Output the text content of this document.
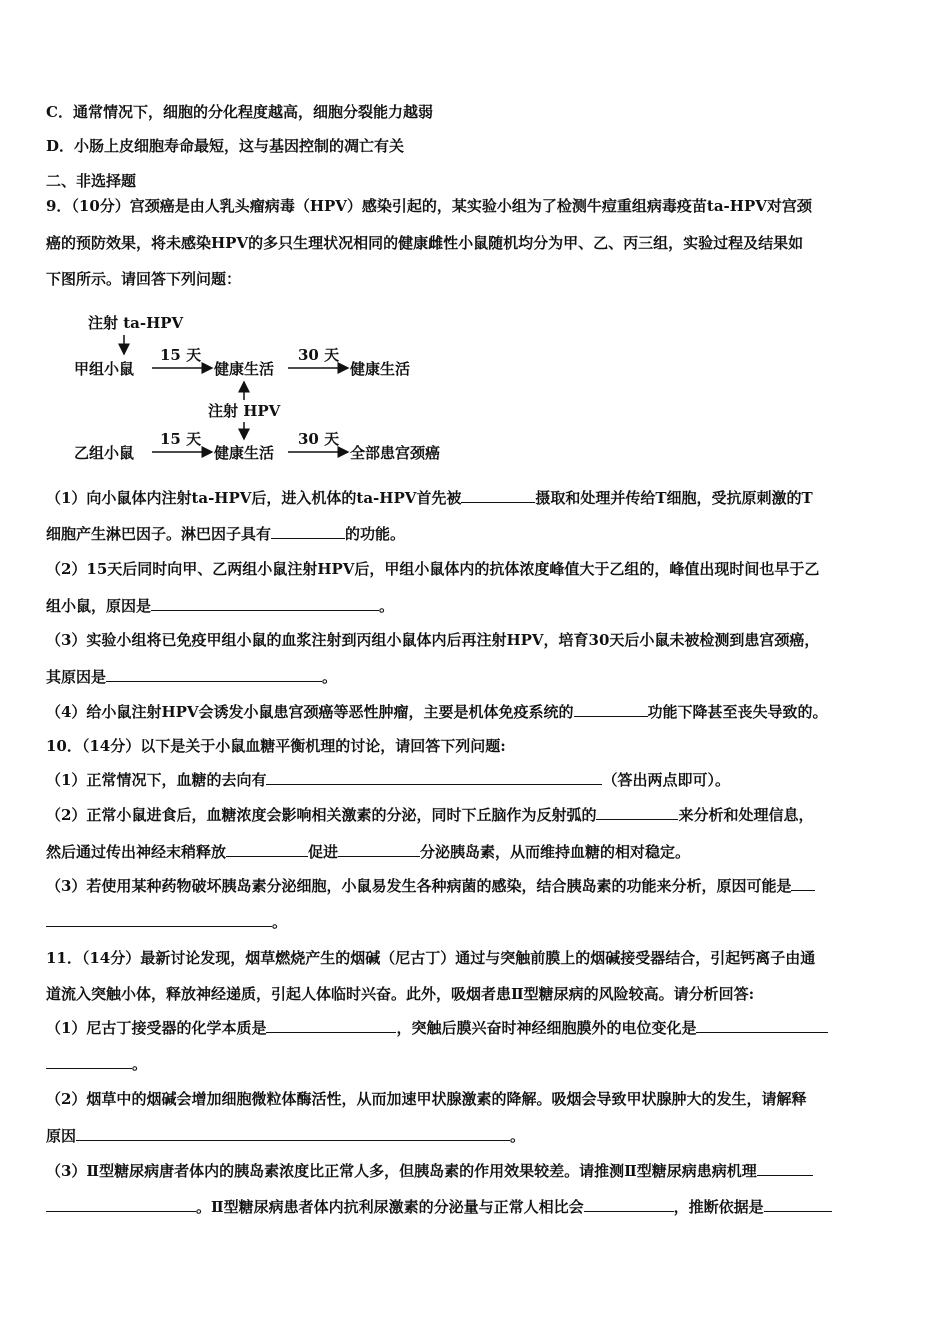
C．通常情况下，细胞的分化程度越高，细胞分裂能力越弱
D．小肠上皮细胞寿命最短，这与基因控制的凋亡有关
二、非选择题
9．（10分）宫颈癌是由人乳头瘤病毒（HPV）感染引起的，某实验小组为了检测牛痘重组病毒疫苗ta-HPV对宫颈
癌的预防效果，将未感染HPV的多只生理状况相同的健康雌性小鼠随机均分为甲、乙、丙三组，实验过程及结果如
下图所示。请回答下列问题：
注射 ta-HPV
甲组小鼠
15 天
健康生活
30 天
健康生活
注射 HPV
乙组小鼠
15 天
健康生活
30 天
全部患宫颈癌
（1）向小鼠体内注射ta-HPV后，进入机体的ta-HPV首先被	摄取和处理并传给T细胞，受抗原刺激的T
细胞产生淋巴因子。淋巴因子具有	的功能。
（2）15天后同时向甲、乙两组小鼠注射HPV后，甲组小鼠体内的抗体浓度峰值大于乙组的，峰值出现时间也早于乙
组小鼠，原因是	。
（3）实验小组将已免疫甲组小鼠的血浆注射到丙组小鼠体内后再注射HPV，培育30天后小鼠未被检测到患宫颈癌，
其原因是	。
（4）给小鼠注射HPV会诱发小鼠患宫颈癌等恶性肿瘤，主要是机体免疫系统的	功能下降甚至丧失导致的。
10．（14分）以下是关于小鼠血糖平衡机理的讨论，请回答下列问题:
（1）正常情况下，血糖的去向有	（答出两点即可）。
（2）正常小鼠进食后，血糖浓度会影响相关激素的分泌，同时下丘脑作为反射弧的	来分析和处理信息，
然后通过传出神经末稍释放	促进	分泌胰岛素，从而维持血糖的相对稳定。
（3）若使用某种药物破坏胰岛素分泌细胞，小鼠易发生各种病菌的感染，结合胰岛素的功能来分析，原因可能是
。
11．（14分）最新讨论发现，烟草燃烧产生的烟碱（尼古丁）通过与突触前膜上的烟碱接受器结合，引起钙离子由通
道流入突触小体，释放神经递质，引起人体临时兴奋。此外，吸烟者患Ⅱ型糖尿病的风险较高。请分析回答:
（1）尼古丁接受器的化学本质是	，突触后膜兴奋时神经细胞膜外的电位变化是
。
（2）烟草中的烟碱会增加细胞微粒体酶活性，从而加速甲状腺激素的降解。吸烟会导致甲状腺肿大的发生，请解释
原因	。
（3）Ⅱ型糖尿病唐者体内的胰岛素浓度比正常人多，但胰岛素的作用效果较差。请推测Ⅱ型糖尿病患病机理
。Ⅱ型糖尿病患者体内抗利尿激素的分泌量与正常人相比会	，推断依据是
